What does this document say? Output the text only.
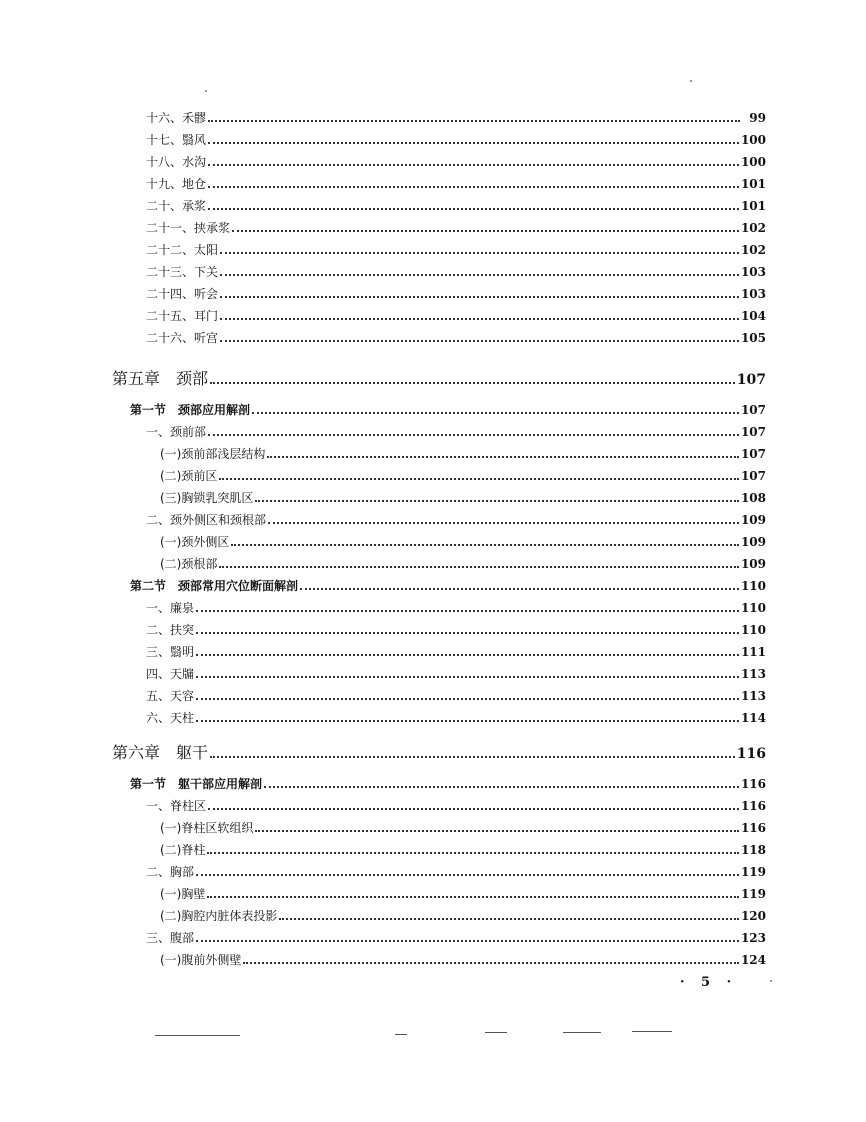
十六、禾髎	99
十七、翳风	100
十八、水沟	100
十九、地仓	101
二十、承浆	101
二十一、挟承浆	102
二十二、太阳	102
二十三、下关	103
二十四、听会	103
二十五、耳门	104
二十六、听宫	105
第五章　颈部	107
第一节　颈部应用解剖	107
一、颈前部	107
(一)颈前部浅层结构	107
(二)颈前区	107
(三)胸锁乳突肌区	108
二、颈外侧区和颈根部	109
(一)颈外侧区	109
(二)颈根部	109
第二节　颈部常用穴位断面解剖	110
一、廉泉	110
二、扶突	110
三、翳明	111
四、天牖	113
五、天容	113
六、天柱	114
第六章　躯干	116
第一节　躯干部应用解剖	116
一、脊柱区	116
(一)脊柱区软组织	116
(二)脊柱	118
二、胸部	119
(一)胸壁	119
(二)胸腔内脏体表投影	120
三、腹部	123
(一)腹前外侧壁	124
· 5 ·
